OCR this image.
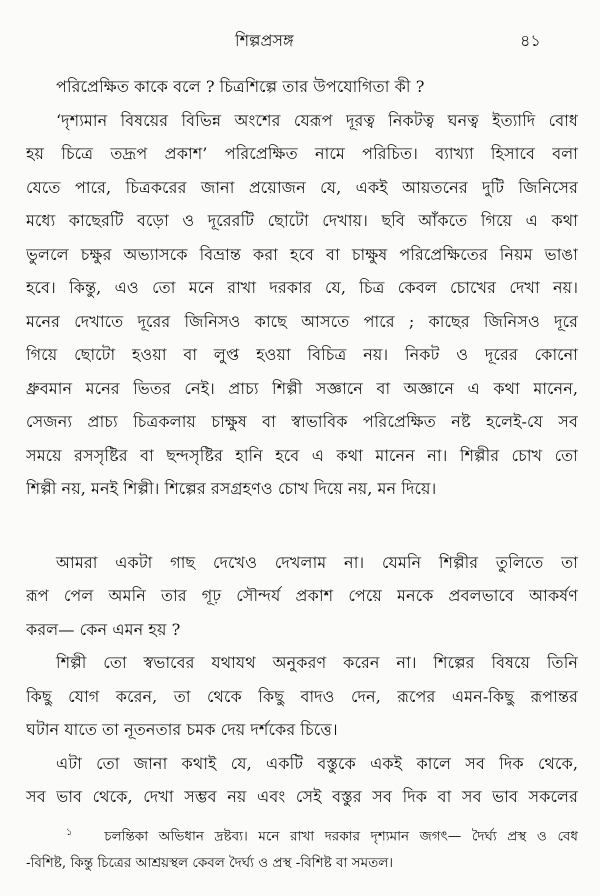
শিল্পপ্রসঙ্গ	৪১
পরিপ্রেক্ষিত কাকে বলে ? চিত্রশিল্পে তার উপযোগিতা কী ?
‘দৃশ্যমান বিষয়ের বিভিন্ন অংশের যেরূপ দূরত্ব নিকটত্ব ঘনত্ব ইত্যাদি বোধ
হয় চিত্রে তদ্রূপ প্রকাশ’ পরিপ্রেক্ষিত নামে পরিচিত। ব্যাখ্যা হিসাবে বলা
যেতে পারে, চিত্রকরের জানা প্রয়োজন যে, একই আয়তনের দুটি জিনিসের
মধ্যে কাছেরটি বড়ো ও দূরেরটি ছোটো দেখায়। ছবি আঁকতে গিয়ে এ কথা
ভুললে চক্ষুর অভ্যাসকে বিভ্রান্ত করা হবে বা চাক্ষুষ পরিপ্রেক্ষিতের নিয়ম ভাঙা
হবে। কিন্তু, এও তো মনে রাখা দরকার যে, চিত্র কেবল চোখের দেখা নয়।
মনের দেখাতে দূরের জিনিসও কাছে আসতে পারে ; কাছের জিনিসও দূরে
গিয়ে ছোটো হওয়া বা লুপ্ত হওয়া বিচিত্র নয়। নিকট ও দূরের কোনো
ধ্রুবমান মনের ভিতর নেই। প্রাচ্য শিল্পী সজ্ঞানে বা অজ্ঞানে এ কথা মানেন,
সেজন্য প্রাচ্য চিত্রকলায় চাক্ষুষ বা স্বাভাবিক পরিপ্রেক্ষিত নষ্ট হলেই-যে সব
সময়ে রসসৃষ্টির বা ছন্দসৃষ্টির হানি হবে এ কথা মানেন না। শিল্পীর চোখ তো
শিল্পী নয়, মনই শিল্পী। শিল্পের রসগ্রহণও চোখ দিয়ে নয়, মন দিয়ে।
আমরা একটা গাছ দেখেও দেখলাম না। যেমনি শিল্পীর তুলিতে তা
রূপ পেল অমনি তার গূঢ় সৌন্দর্য প্রকাশ পেয়ে মনকে প্রবলভাবে আকর্ষণ
করল— কেন এমন হয় ?
শিল্পী তো স্বভাবের যথাযথ অনুকরণ করেন না। শিল্পের বিষয়ে তিনি
কিছু যোগ করেন, তা থেকে কিছু বাদও দেন, রূপের এমন-কিছু রূপান্তর
ঘটান যাতে তা নূতনতার চমক দেয় দর্শকের চিত্তে।
এটা তো জানা কথাই যে, একটি বস্তুকে একই কালে সব দিক থেকে,
সব ভাব থেকে, দেখা সম্ভব নয় এবং সেই বস্তুর সব দিক বা সব ভাব সকলের
$^১$ চলন্তিকা অভিধান দ্রষ্টব্য। মনে রাখা দরকার দৃশ্যমান জগৎ— দৈর্ঘ্য প্রস্থ ও বেধ
-বিশিষ্ট, কিন্তু চিত্রের আশ্রয়স্থল কেবল দৈর্ঘ্য ও প্রস্থ -বিশিষ্ট বা সমতল।
